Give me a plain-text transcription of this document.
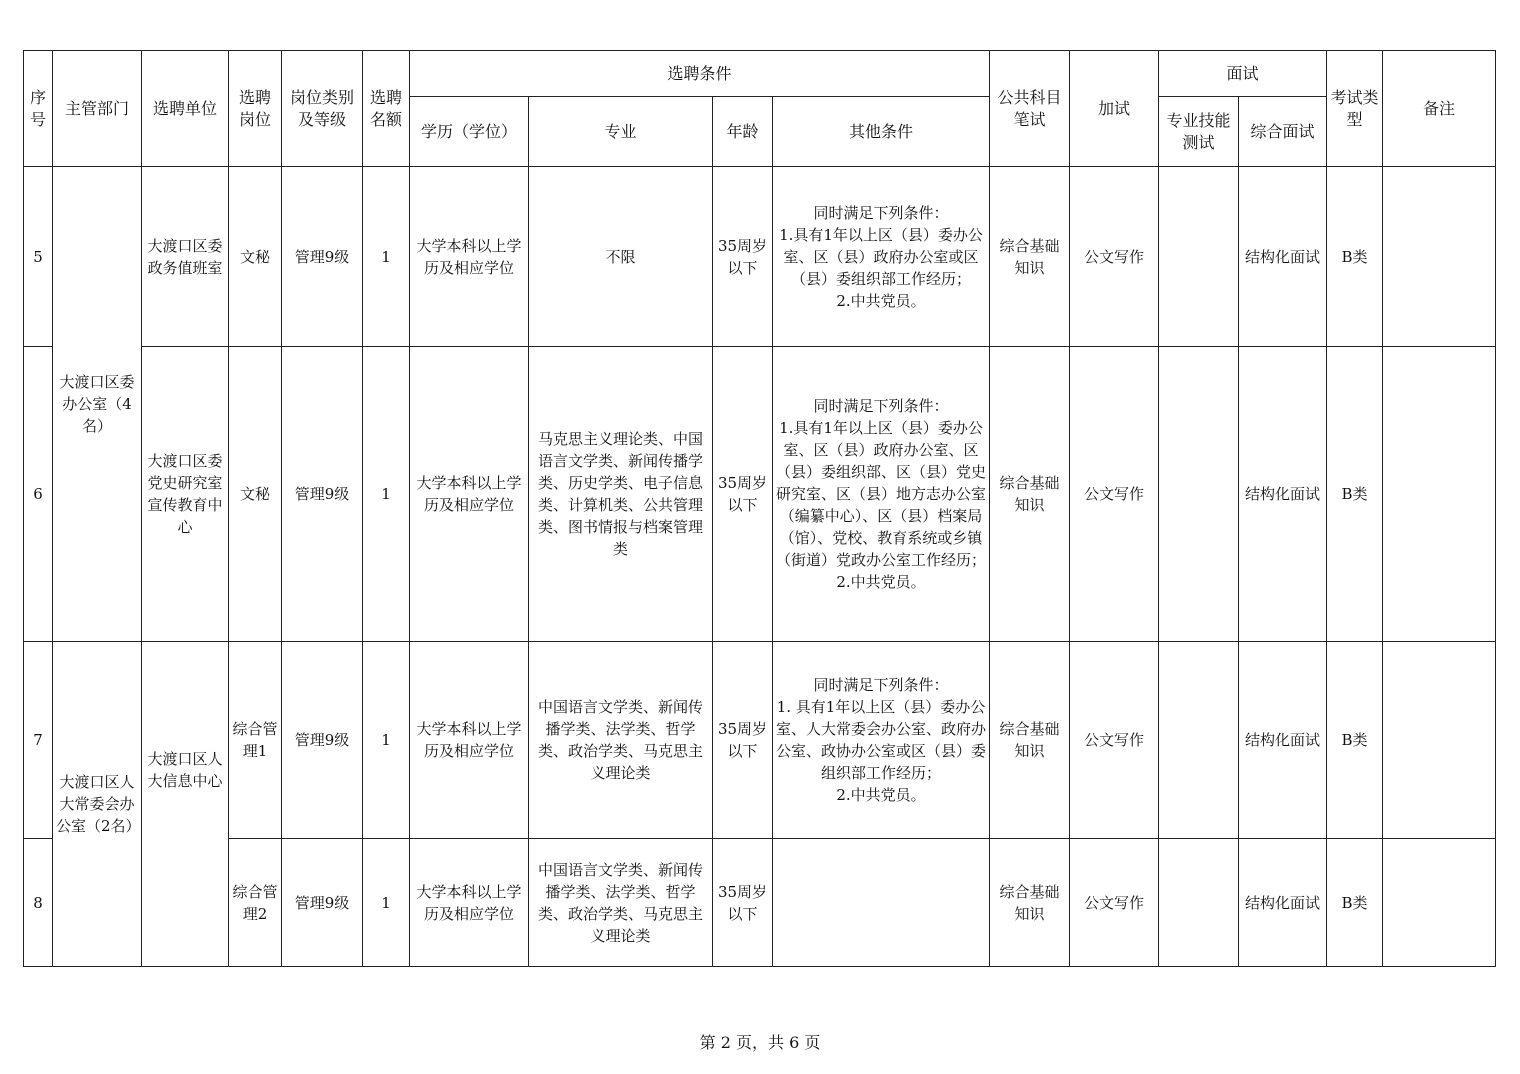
序号	主管部门	选聘单位	选聘岗位	岗位类别及等级	选聘名额	选聘条件				公共科目笔试	加试	面试		考试类型	备注
						学历（学位）	专业	年龄	其他条件			专业技能测试	综合面试		
5	大渡口区委办公室（4名）	大渡口区委政务值班室	文秘	管理9级	1	大学本科以上学历及相应学位	不限	35周岁以下	同时满足下列条件：
1.具有1年以上区（县）委办公室、区（县）政府办公室或区（县）委组织部工作经历；
2.中共党员。	综合基础知识	公文写作		结构化面试	B类	
6		大渡口区委党史研究室宣传教育中心	文秘	管理9级	1	大学本科以上学历及相应学位	马克思主义理论类、中国语言文学类、新闻传播学类、历史学类、电子信息类、计算机类、公共管理类、图书情报与档案管理类	35周岁以下	同时满足下列条件：
1.具有1年以上区（县）委办公室、区（县）政府办公室、区（县）委组织部、区（县）党史研究室、区（县）地方志办公室（编纂中心）、区（县）档案局（馆）、党校、教育系统或乡镇（街道）党政办公室工作经历；
2.中共党员。	综合基础知识	公文写作		结构化面试	B类	
7	大渡口区人大常委会办公室（2名）	大渡口区人大信息中心	综合管理1	管理9级	1	大学本科以上学历及相应学位	中国语言文学类、新闻传播学类、法学类、哲学类、政治学类、马克思主义理论类	35周岁以下	同时满足下列条件：
1. 具有1年以上区（县）委办公室、人大常委会办公室、政府办公室、政协办公室或区（县）委组织部工作经历；
2.中共党员。	综合基础知识	公文写作		结构化面试	B类	
8			综合管理2	管理9级	1	大学本科以上学历及相应学位	中国语言文学类、新闻传播学类、法学类、哲学类、政治学类、马克思主义理论类	35周岁以下		综合基础知识	公文写作		结构化面试	B类	
第 2 页，共 6 页
